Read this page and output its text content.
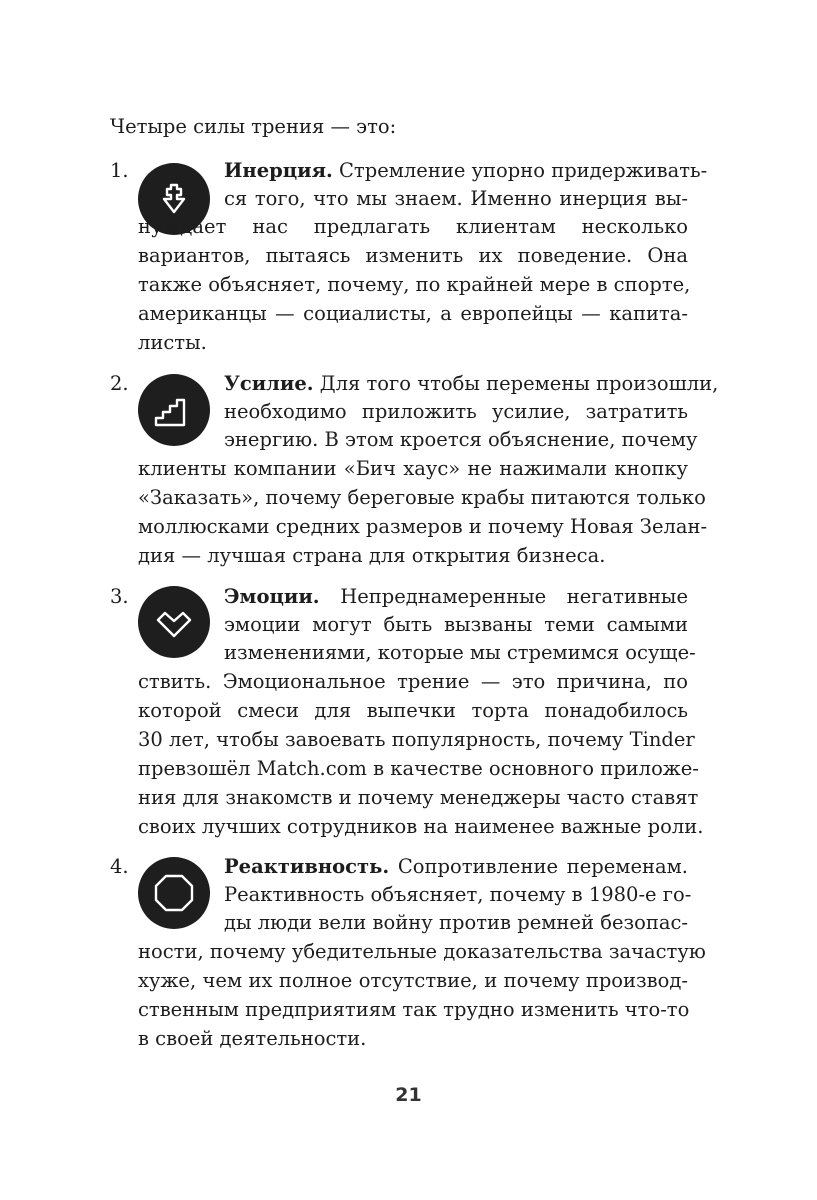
Четыре силы трения — это:
1.	Инерция. Стремление упорно придерживать-
ся того, что мы знаем. Именно инерция вы-
нуждает нас предлагать клиентам несколько
вариантов, пытаясь изменить их поведение. Она
также объясняет, почему, по крайней мере в спорте,
американцы — социалисты, а европейцы — капита-
листы.
2.	Усилие. Для того чтобы перемены произошли,
необходимо приложить усилие, затратить
энергию. В этом кроется объяснение, почему
клиенты компании «Бич хаус» не нажимали кнопку
«Заказать», почему береговые крабы питаются только
моллюсками средних размеров и почему Новая Зелан-
дия — лучшая страна для открытия бизнеса.
3.	Эмоции. Непреднамеренные негативные
эмоции могут быть вызваны теми самыми
изменениями, которые мы стремимся осуще-
ствить. Эмоциональное трение — это причина, по
которой смеси для выпечки торта понадобилось
30 лет, чтобы завоевать популярность, почему Tinder
превзошёл Match.com в качестве основного приложе-
ния для знакомств и почему менеджеры часто ставят
своих лучших сотрудников на наименее важные роли.
4.	Реактивность. Сопротивление переменам.
Реактивность объясняет, почему в 1980-е го-
ды люди вели войну против ремней безопас-
ности, почему убедительные доказательства зачастую
хуже, чем их полное отсутствие, и почему производ-
ственным предприятиям так трудно изменить что-то
в своей деятельности.
21
